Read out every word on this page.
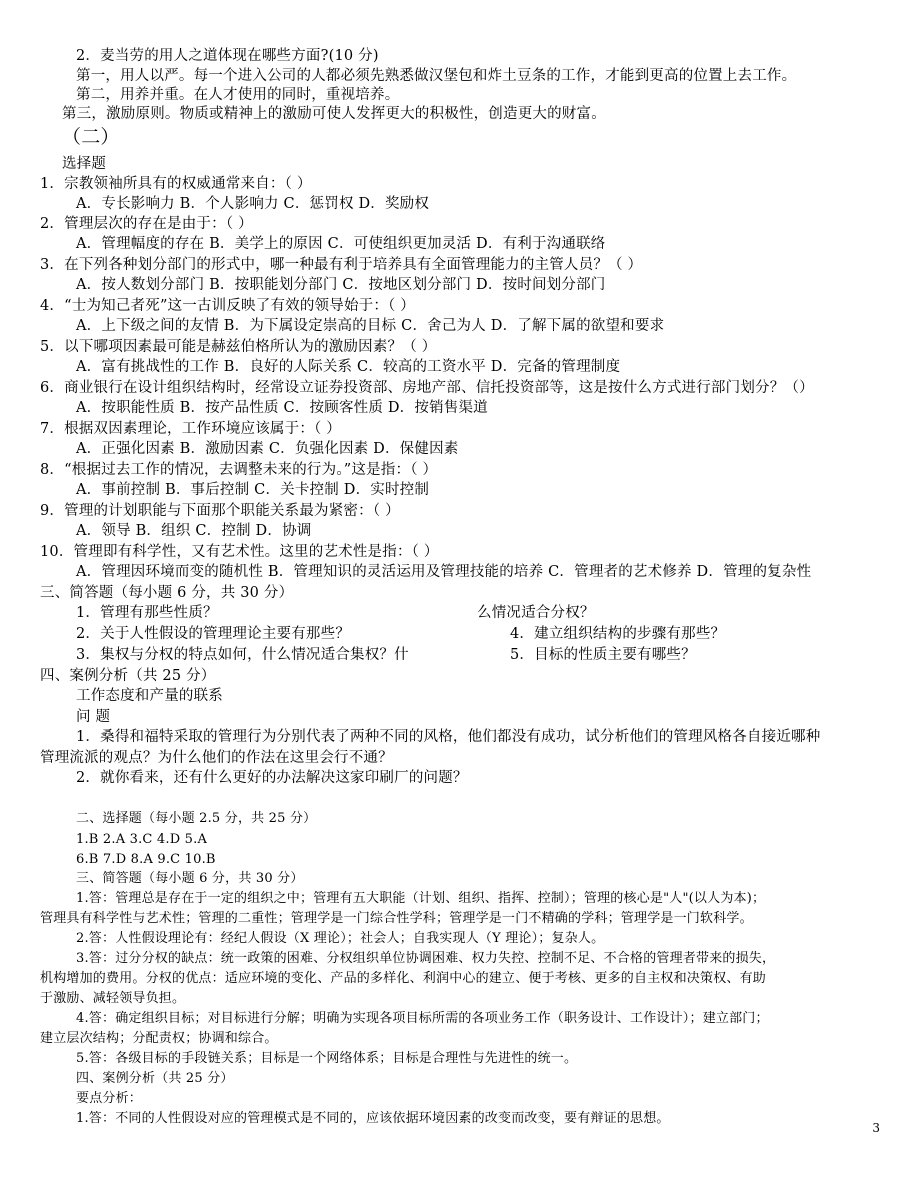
2．麦当劳的用人之道体现在哪些方面?(10 分)
第一，用人以严。每一个进入公司的人都必须先熟悉做汉堡包和炸土豆条的工作，才能到更高的位置上去工作。
第二，用养并重。在人才使用的同时，重视培养。
第三，激励原则。物质或精神上的激励可使人发挥更大的积极性，创造更大的财富。
（二）
选择题
1．宗教领袖所具有的权威通常来自：（ ）
A．专长影响力 B．个人影响力 C．惩罚权 D．奖励权
2．管理层次的存在是由于：（ ）
A．管理幅度的存在 B．美学上的原因 C．可使组织更加灵活 D．有利于沟通联络
3．在下列各种划分部门的形式中，哪一种最有利于培养具有全面管理能力的主管人员？（ ）
A．按人数划分部门 B．按职能划分部门 C．按地区划分部门 D．按时间划分部门
4．“士为知己者死”这一古训反映了有效的领导始于：（ ）
A．上下级之间的友情 B．为下属设定崇高的目标 C．舍己为人 D．了解下属的欲望和要求
5．以下哪项因素最可能是赫兹伯格所认为的激励因素？（ ）
A．富有挑战性的工作 B．良好的人际关系 C．较高的工资水平 D．完备的管理制度
6．商业银行在设计组织结构时，经常设立证券投资部、房地产部、信托投资部等，这是按什么方式进行部门划分？（）
A．按职能性质 B．按产品性质 C．按顾客性质 D．按销售渠道
7．根据双因素理论，工作环境应该属于：（ ）
A．正强化因素 B．激励因素 C．负强化因素 D．保健因素
8．“根据过去工作的情况，去调整未来的行为。”这是指：（ ）
A．事前控制 B．事后控制 C．关卡控制 D．实时控制
9．管理的计划职能与下面那个职能关系最为紧密：（ ）
A．领导 B．组织 C．控制 D．协调
10．管理即有科学性，又有艺术性。这里的艺术性是指：（ ）
A．管理因环境而变的随机性 B．管理知识的灵活运用及管理技能的培养 C．管理者的艺术修养 D．管理的复杂性
三、简答题（每小题 6 分，共 30 分）
1．管理有那些性质？	么情况适合分权？
2．关于人性假设的管理理论主要有那些？	4．建立组织结构的步骤有那些？
3．集权与分权的特点如何，什么情况适合集权？什	5．目标的性质主要有哪些？
四、案例分析（共 25 分）
工作态度和产量的联系
问 题
1．桑得和福特采取的管理行为分别代表了两种不同的风格，他们都没有成功，试分析他们的管理风格各自接近哪种
管理流派的观点？为什么他们的作法在这里会行不通？
2．就你看来，还有什么更好的办法解决这家印刷厂的问题？
二、选择题（每小题 2.5 分，共 25 分）
1.B 2.A 3.C 4.D 5.A
6.B 7.D 8.A 9.C 10.B
三、简答题（每小题 6 分，共 30 分）
1.答：管理总是存在于一定的组织之中；管理有五大职能（计划、组织、指挥、控制）；管理的核心是"人"(以人为本)；
管理具有科学性与艺术性；管理的二重性；管理学是一门综合性学科；管理学是一门不精确的学科；管理学是一门软科学。
2.答：人性假设理论有：经纪人假设（X 理论）；社会人；自我实现人（Y 理论）；复杂人。
3.答：过分分权的缺点：统一政策的困难、分权组织单位协调困难、权力失控、控制不足、不合格的管理者带来的损失，
机构增加的费用。分权的优点：适应环境的变化、产品的多样化、利润中心的建立、便于考核、更多的自主权和决策权、有助
于激励、减轻领导负担。
4.答：确定组织目标；对目标进行分解；明确为实现各项目标所需的各项业务工作（职务设计、工作设计）；建立部门；
建立层次结构；分配责权；协调和综合。
5.答：各级目标的手段链关系；目标是一个网络体系；目标是合理性与先进性的统一。
四、案例分析（共 25 分）
要点分析：
1.答：不同的人性假设对应的管理模式是不同的，应该依据环境因素的改变而改变，要有辩证的思想。
3
